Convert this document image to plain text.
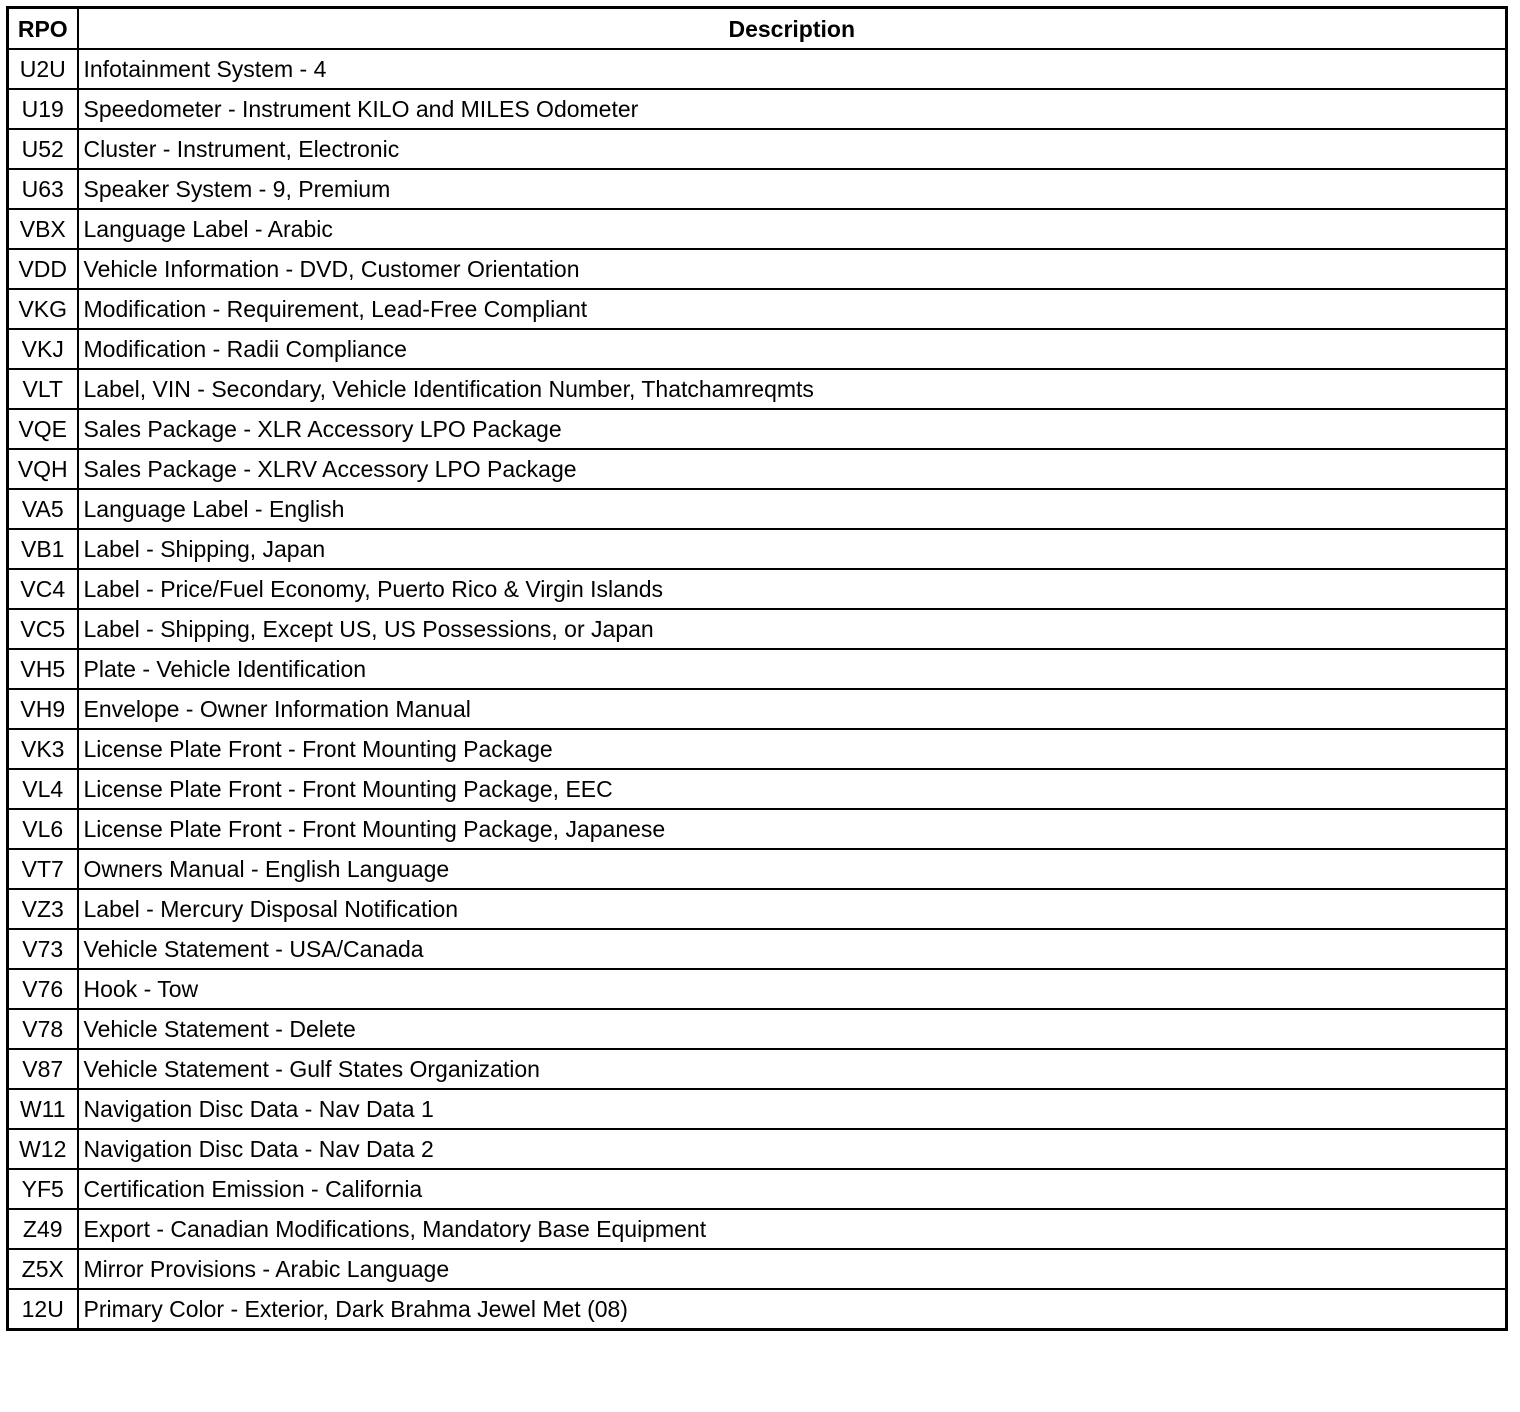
RPO	Description
U2U	Infotainment System - 4
U19	Speedometer - Instrument KILO and MILES Odometer
U52	Cluster - Instrument, Electronic
U63	Speaker System - 9, Premium
VBX	Language Label - Arabic
VDD	Vehicle Information - DVD, Customer Orientation
VKG	Modification - Requirement, Lead-Free Compliant
VKJ	Modification - Radii Compliance
VLT	Label, VIN - Secondary, Vehicle Identification Number, Thatchamreqmts
VQE	Sales Package - XLR Accessory LPO Package
VQH	Sales Package - XLRV Accessory LPO Package
VA5	Language Label - English
VB1	Label - Shipping, Japan
VC4	Label - Price/Fuel Economy, Puerto Rico & Virgin Islands
VC5	Label - Shipping, Except US, US Possessions, or Japan
VH5	Plate - Vehicle Identification
VH9	Envelope - Owner Information Manual
VK3	License Plate Front - Front Mounting Package
VL4	License Plate Front - Front Mounting Package, EEC
VL6	License Plate Front - Front Mounting Package, Japanese
VT7	Owners Manual - English Language
VZ3	Label - Mercury Disposal Notification
V73	Vehicle Statement - USA/Canada
V76	Hook - Tow
V78	Vehicle Statement - Delete
V87	Vehicle Statement - Gulf States Organization
W11	Navigation Disc Data - Nav Data 1
W12	Navigation Disc Data - Nav Data 2
YF5	Certification Emission - California
Z49	Export - Canadian Modifications, Mandatory Base Equipment
Z5X	Mirror Provisions - Arabic Language
12U	Primary Color - Exterior, Dark Brahma Jewel Met (08)
